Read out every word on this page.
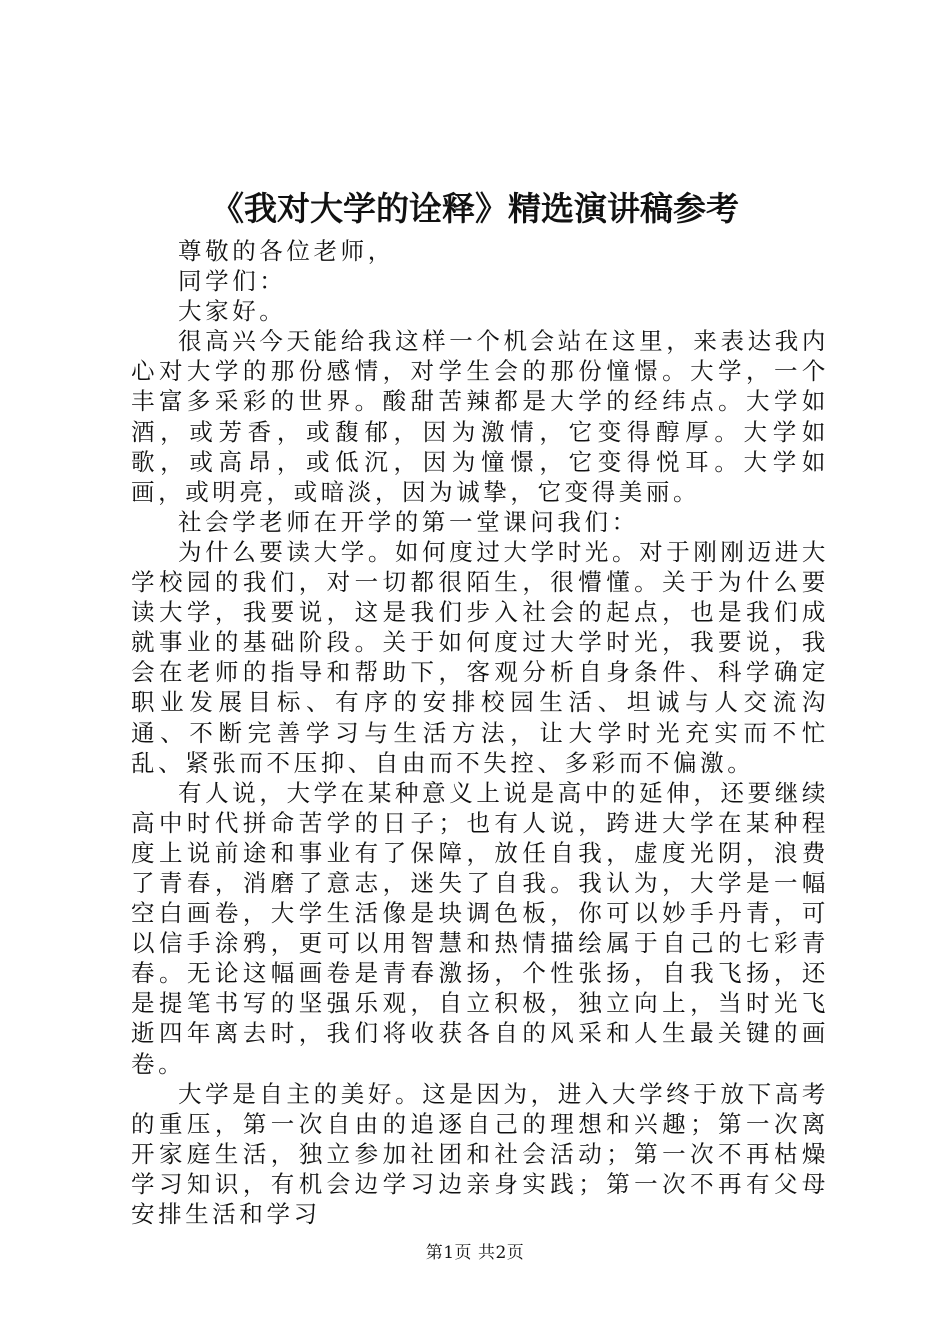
《我对大学的诠释》精选演讲稿参考

尊敬的各位老师，

同学们：

大家好。

很高兴今天能给我这样一个机会站在这里，来表达我内心对大学的那份感情，对学生会的那份憧憬。大学，一个丰富多采彩的世界。酸甜苦辣都是大学的经纬点。大学如酒，或芳香，或馥郁，因为激情，它变得醇厚。大学如歌，或高昂，或低沉，因为憧憬，它变得悦耳。大学如画，或明亮，或暗淡，因为诚挚，它变得美丽。

社会学老师在开学的第一堂课问我们：

为什么要读大学。如何度过大学时光。对于刚刚迈进大学校园的我们，对一切都很陌生，很懵懂。关于为什么要读大学，我要说，这是我们步入社会的起点，也是我们成就事业的基础阶段。关于如何度过大学时光，我要说，我会在老师的指导和帮助下，客观分析自身条件、科学确定职业发展目标、有序的安排校园生活、坦诚与人交流沟通、不断完善学习与生活方法，让大学时光充实而不忙乱、紧张而不压抑、自由而不失控、多彩而不偏激。

有人说，大学在某种意义上说是高中的延伸，还要继续高中时代拼命苦学的日子；也有人说，跨进大学在某种程度上说前途和事业有了保障，放任自我，虚度光阴，浪费了青春，消磨了意志，迷失了自我。我认为，大学是一幅空白画卷，大学生活像是块调色板，你可以妙手丹青，可以信手涂鸦，更可以用智慧和热情描绘属于自己的七彩青春。无论这幅画卷是青春激扬，个性张扬，自我飞扬，还是提笔书写的坚强乐观，自立积极，独立向上，当时光飞逝四年离去时，我们将收获各自的风采和人生最关键的画卷。

大学是自主的美好。这是因为，进入大学终于放下高考的重压，第一次自由的追逐自己的理想和兴趣；第一次离开家庭生活，独立参加社团和社会活动；第一次不再枯燥学习知识，有机会边学习边亲身实践；第一次不再有父母安排生活和学习

第1页 共2页
